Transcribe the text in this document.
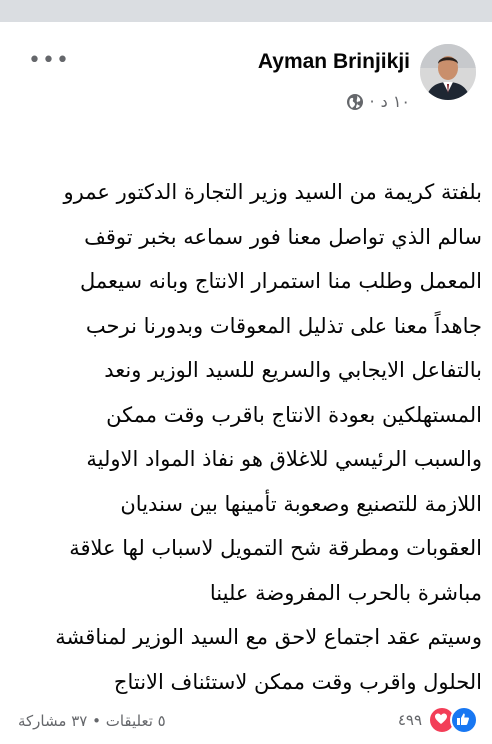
•••	Ayman Brinjikji
· ١٠ د
بلفتة كريمة من السيد وزير التجارة الدكتور عمرو
سالم الذي تواصل معنا فور سماعه بخبر توقف
المعمل وطلب منا استمرار الانتاج وبانه سيعمل
جاهداً معنا على تذليل المعوقات وبدورنا نرحب
بالتفاعل الايجابي والسريع للسيد الوزير ونعد
المستهلكين بعودة الانتاج باقرب وقت ممكن
والسبب الرئيسي للاغلاق هو نفاذ المواد الاولية
اللازمة للتصنيع وصعوبة تأمينها بين سنديان
العقوبات ومطرقة شح التمويل لاسباب لها علاقة
مباشرة بالحرب المفروضة علينا
وسيتم عقد اجتماع لاحق مع السيد الوزير لمناقشة
الحلول واقرب وقت ممكن لاستئناف الانتاج
٥ تعليقات • ٣٧ مشاركة	٤٩٩
